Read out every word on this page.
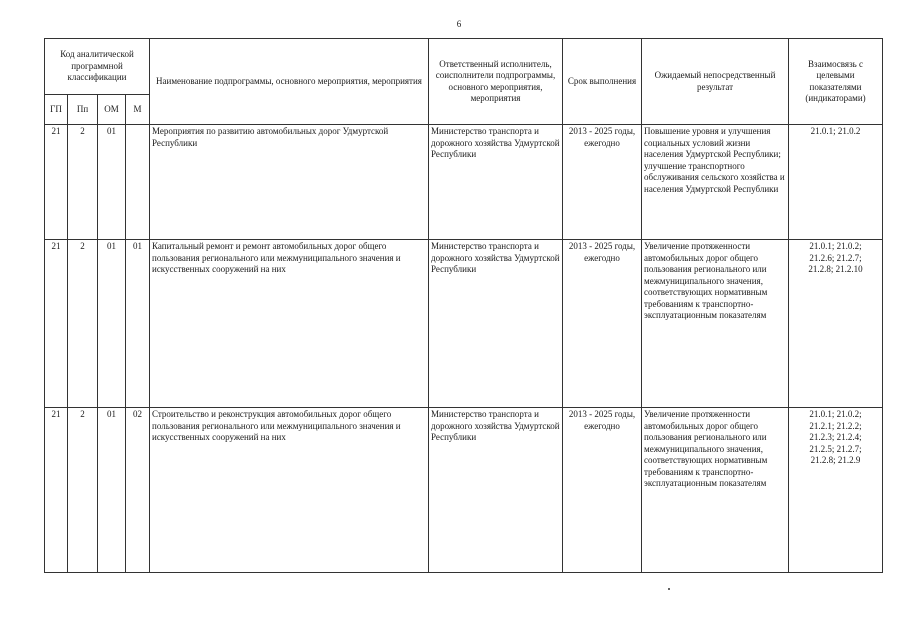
6
Код аналитической программной классификации				Наименование подпрограммы, основного мероприятия, мероприятия	Ответственный исполнитель, соисполнители подпрограммы, основного мероприятия, мероприятия	Срок выполнения	Ожидаемый непосредственный результат	Взаимосвязь с целевыми показателями (индикаторами)
ГП	Пп	ОМ	М					
21	2	01		Мероприятия по развитию автомобильных дорог Удмуртской Республики	Министерство транспорта и дорожного хозяйства Удмуртской Республики	2013 - 2025 годы, ежегодно	Повышение уровня и улучшения социальных условий жизни населения Удмуртской Республики; улучшение транспортного обслуживания сельского хозяйства и населения Удмуртской Республики	21.0.1; 21.0.2

21	2	01	01	Капитальный ремонт и ремонт автомобильных дорог общего пользования регионального или межмуниципального значения и искусственных сооружений на них	Министерство транспорта и дорожного хозяйства Удмуртской Республики	2013 - 2025 годы, ежегодно	Увеличение протяженности автомобильных дорог общего пользования регионального или межмуниципального значения, соответствующих нормативным требованиям к транспортно-эксплуатационным показателям	21.0.1; 21.0.2;
21.2.6; 21.2.7;
21.2.8; 21.2.10

21	2	01	02	Строительство и реконструкция автомобильных дорог общего пользования регионального или межмуниципального значения и искусственных сооружений на них	Министерство транспорта и дорожного хозяйства Удмуртской Республики	2013 - 2025 годы, ежегодно	Увеличение протяженности автомобильных дорог общего пользования регионального или межмуниципального значения, соответствующих нормативным требованиям к транспортно-эксплуатационным показателям	21.0.1; 21.0.2;
21.2.1; 21.2.2;
21.2.3; 21.2.4;
21.2.5; 21.2.7;
21.2.8; 21.2.9
